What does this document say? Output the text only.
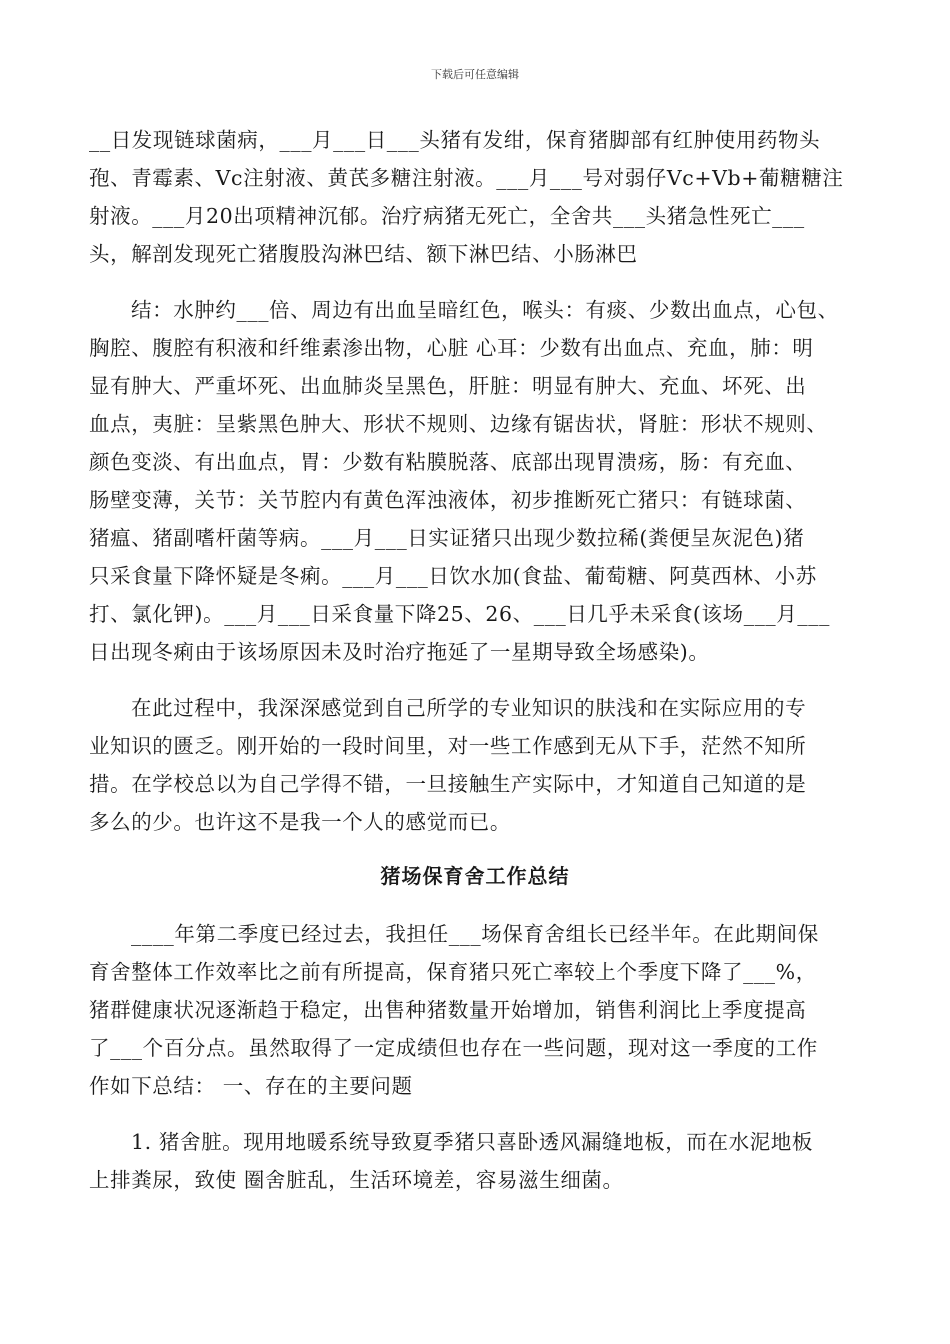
下载后可任意编辑
__日发现链球菌病，___月___日___头猪有发绀，保育猪脚部有红肿使用药物头
孢、青霉素、Vc注射液、黄芪多糖注射液。___月___号对弱仔Vc+Vb+葡糖糖注
射液。___月20出项精神沉郁。治疗病猪无死亡，全舍共___头猪急性死亡___
头，解剖发现死亡猪腹股沟淋巴结、额下淋巴结、小肠淋巴
结：水肿约___倍、周边有出血呈暗红色，喉头：有痰、少数出血点，心包、
胸腔、腹腔有积液和纤维素渗出物，心脏 心耳：少数有出血点、充血，肺：明
显有肿大、严重坏死、出血肺炎呈黑色，肝脏：明显有肿大、充血、坏死、出
血点，夷脏：呈紫黑色肿大、形状不规则、边缘有锯齿状，肾脏：形状不规则、
颜色变淡、有出血点，胃：少数有粘膜脱落、底部出现胃溃疡，肠：有充血、
肠壁变薄，关节：关节腔内有黄色浑浊液体，初步推断死亡猪只：有链球菌、
猪瘟、猪副嗜杆菌等病。___月___日实证猪只出现少数拉稀(粪便呈灰泥色)猪
只采食量下降怀疑是冬痢。___月___日饮水加(食盐、葡萄糖、阿莫西林、小苏
打、氯化钾)。___月___日采食量下降25、26、___日几乎未采食(该场___月___
日出现冬痢由于该场原因未及时治疗拖延了一星期导致全场感染)。
在此过程中，我深深感觉到自己所学的专业知识的肤浅和在实际应用的专
业知识的匮乏。刚开始的一段时间里，对一些工作感到无从下手，茫然不知所
措。在学校总以为自己学得不错，一旦接触生产实际中，才知道自己知道的是
多么的少。也许这不是我一个人的感觉而已。
猪场保育舍工作总结
____年第二季度已经过去，我担任___场保育舍组长已经半年。在此期间保
育舍整体工作效率比之前有所提高，保育猪只死亡率较上个季度下降了___%，
猪群健康状况逐渐趋于稳定，出售种猪数量开始增加，销售利润比上季度提高
了___个百分点。虽然取得了一定成绩但也存在一些问题，现对这一季度的工作
作如下总结： 一、存在的主要问题
1. 猪舍脏。现用地暖系统导致夏季猪只喜卧透风漏缝地板，而在水泥地板
上排粪尿，致使 圈舍脏乱，生活环境差，容易滋生细菌。
